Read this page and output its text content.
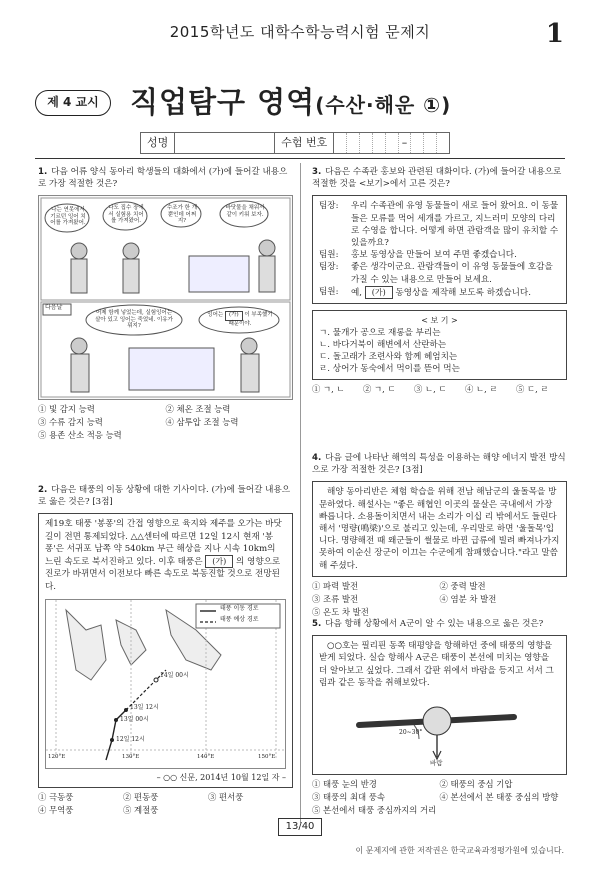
2015학년도 대학수학능력시험 문제지	1
제 4 교시	직업탐구 영역(수산·해운 ①)
성명	수험 번호	–
1. 다음 어류 양식 동아리 학생들의 대화에서 (가)에 들어갈 내용으로 가장 적절한 것은?
나는 연못에서 기르던 잉어 치어를 가져왔어.
나도 집수 장에서 실험용 치어를 가져왔어.
수조가 한 개 뿐인데 어쩌지?
바닷물을 채워서 같이 키워 보자.
다음날
어제 함께 넣었는데, 실험잉어는 살아 있고 잉어는 죽었네. 이유가 뭐지?
잉어는 (가) 이 부족했기 때문이야.
① 빛 감지 능력	② 체온 조절 능력
③ 수류 감지 능력	④ 삼투압 조절 능력
⑤ 용존 산소 적응 능력
2. 다음은 태풍의 이동 상황에 대한 기사이다. (가)에 들어갈 내용으로 옳은 것은? [3점]
제19호 태풍 '봉퐁'의 간접 영향으로 육지와 제주를 오가는 바닷길이 전면 통제되었다. △△센터에 따르면 12일 12시 현재 '봉퐁'은 서귀포 남쪽 약 540km 부근 해상을 지나 시속 10km의 느린 속도로 북서진하고 있다. 이후 태풍은 (가) 의 영향으로 진로가 바뀌면서 이전보다 빠른 속도로 북동진할 것으로 전망된다.
태풍 이동 경로
태풍 예상 경로
14일 00시
13일 12시
13일 00시
12일 12시
120°E	130°E	140°E	150°E
– ○○ 신문, 2014년 10월 12일 자 –
① 극동풍	② 편동풍	③ 편서풍
④ 무역풍	⑤ 계절풍
3. 다음은 수족관 홍보와 관련된 대화이다. (가)에 들어갈 내용으로 적절한 것을 <보기>에서 고른 것은?
팀장:	우리 수족관에 유영 동물들이 새로 들어 왔어요. 이 동물들은 모류를 먹어 세개를 가르고, 지느러미 모양의 다리로 수영을 합니다. 어떻게 하면 관람객을 많이 유치할 수 있을까요?
팀원:	홍보 동영상을 만들어 보여 주면 좋겠습니다.
팀장:	좋은 생각이군요. 관람객들이 이 유영 동물들에 호감을 가질 수 있는 내용으로 만들어 보세요.
팀원:	예, (가) 동영상을 제작해 보도록 하겠습니다.
< 보 기 >
ㄱ. 물개가 공으로 재롱을 부리는
ㄴ. 바다거북이 해변에서 산란하는
ㄷ. 돌고래가 조련사와 함께 헤엄치는
ㄹ. 상어가 동숙에서 먹이를 뜯어 먹는
① ㄱ, ㄴ	② ㄱ, ㄷ	③ ㄴ, ㄷ	④ ㄴ, ㄹ	⑤ ㄷ, ㄹ
4. 다음 글에 나타난 해역의 특성을 이용하는 해양 에너지 발전 방식으로 가장 적절한 것은? [3점]
해양 동아리반은 체험 학습을 위해 전남 해남군의 울돌목을 방문하였다. 해설사는 "좋은 해협인 이곳의 물살은 국내에서 가장 빠릅니다. 소용돌이치면서 내는 소리가 이십 리 밖에서도 들린다 해서 '명량(鳴梁)'으로 불리고 있는데, 우리말로 하면 '울돌목'입니다. 명량해전 때 왜군들이 썰물로 바뀐 급류에 빌려 빠져나가지 못하여 이순신 장군이 이끄는 수군에게 참패했습니다."라고 말씀해 주셨다.
① 파력 발전	② 중력 발전
③ 조류 발전	④ 염분 차 발전
⑤ 온도 차 발전
5. 다음 항해 상황에서 A군이 알 수 있는 내용으로 옳은 것은?
○○호는 필리핀 동쪽 태평양을 항해하던 중에 태풍의 영향을 받게 되었다. 실습 항해사 A군은 태풍이 본선에 미치는 영향을 더 알아보고 싶었다. 그래서 갑판 위에서 바람을 등지고 서서 그림과 같은 동작을 취해보았다.
20~30°
바람
① 태풍 눈의 반경	② 태풍의 중심 기압
③ 태풍의 최대 풍속	④ 본선에서 본 태풍 중심의 방향
⑤ 본선에서 태풍 중심까지의 거리
13/40
이 문제지에 관한 저작권은 한국교육과정평가원에 있습니다.
